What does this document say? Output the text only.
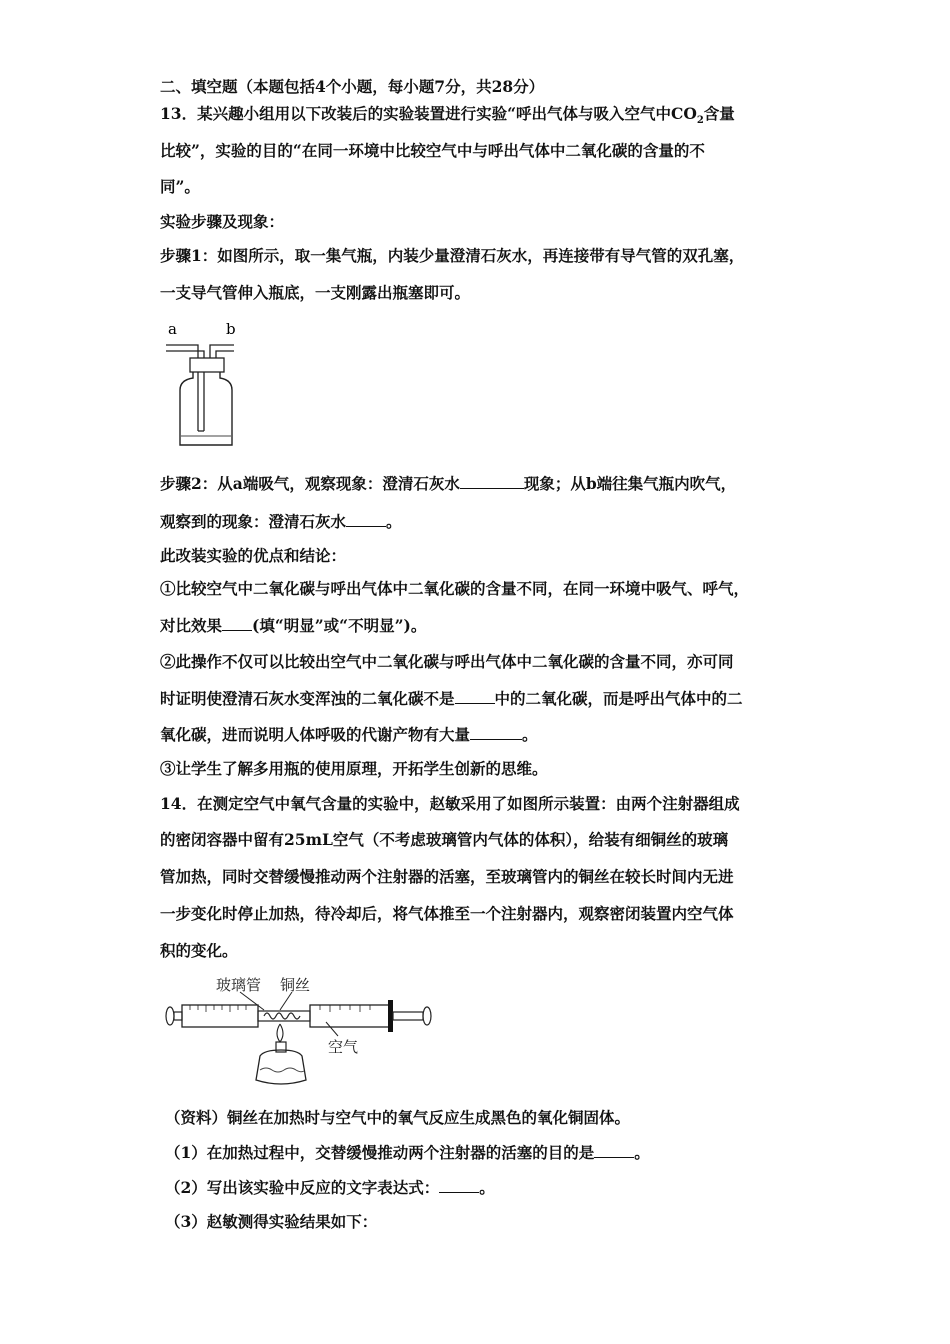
二、填空题（本题包括4个小题，每小题7分，共28分）
13．某兴趣小组用以下改装后的实验装置进行实验“呼出气体与吸入空气中$CO_2$含量
比较”，实验的目的“在同一环境中比较空气中与呼出气体中二氧化碳的含量的不
同”。
实验步骤及现象：
步骤1：如图所示，取一集气瓶，内装少量澄清石灰水，再连接带有导气管的双孔塞，
一支导气管伸入瓶底，一支刚露出瓶塞即可。
a	b
步骤2：从a端吸气，观察现象：澄清石灰水	现象；从b端往集气瓶内吹气，
观察到的现象：澄清石灰水	。
此改装实验的优点和结论：
①比较空气中二氧化碳与呼出气体中二氧化碳的含量不同，在同一环境中吸气、呼气，
对比效果 (填“明显”或“不明显”)。
②此操作不仅可以比较出空气中二氧化碳与呼出气体中二氧化碳的含量不同，亦可同
时证明使澄清石灰水变浑浊的二氧化碳不是	中的二氧化碳，而是呼出气体中的二
氧化碳，进而说明人体呼吸的代谢产物有大量	。
③让学生了解多用瓶的使用原理，开拓学生创新的思维。
14．在测定空气中氧气含量的实验中，赵敏采用了如图所示装置：由两个注射器组成
的密闭容器中留有25mL空气（不考虑玻璃管内气体的体积），给装有细铜丝的玻璃
管加热，同时交替缓慢推动两个注射器的活塞，至玻璃管内的铜丝在较长时间内无进
一步变化时停止加热，待冷却后，将气体推至一个注射器内，观察密闭装置内空气体
积的变化。
玻璃管 铜丝
空气
（资料）铜丝在加热时与空气中的氧气反应生成黑色的氧化铜固体。
（1）在加热过程中，交替缓慢推动两个注射器的活塞的目的是	。
（2）写出该实验中反应的文字表达式：	。
（3）赵敏测得实验结果如下：
